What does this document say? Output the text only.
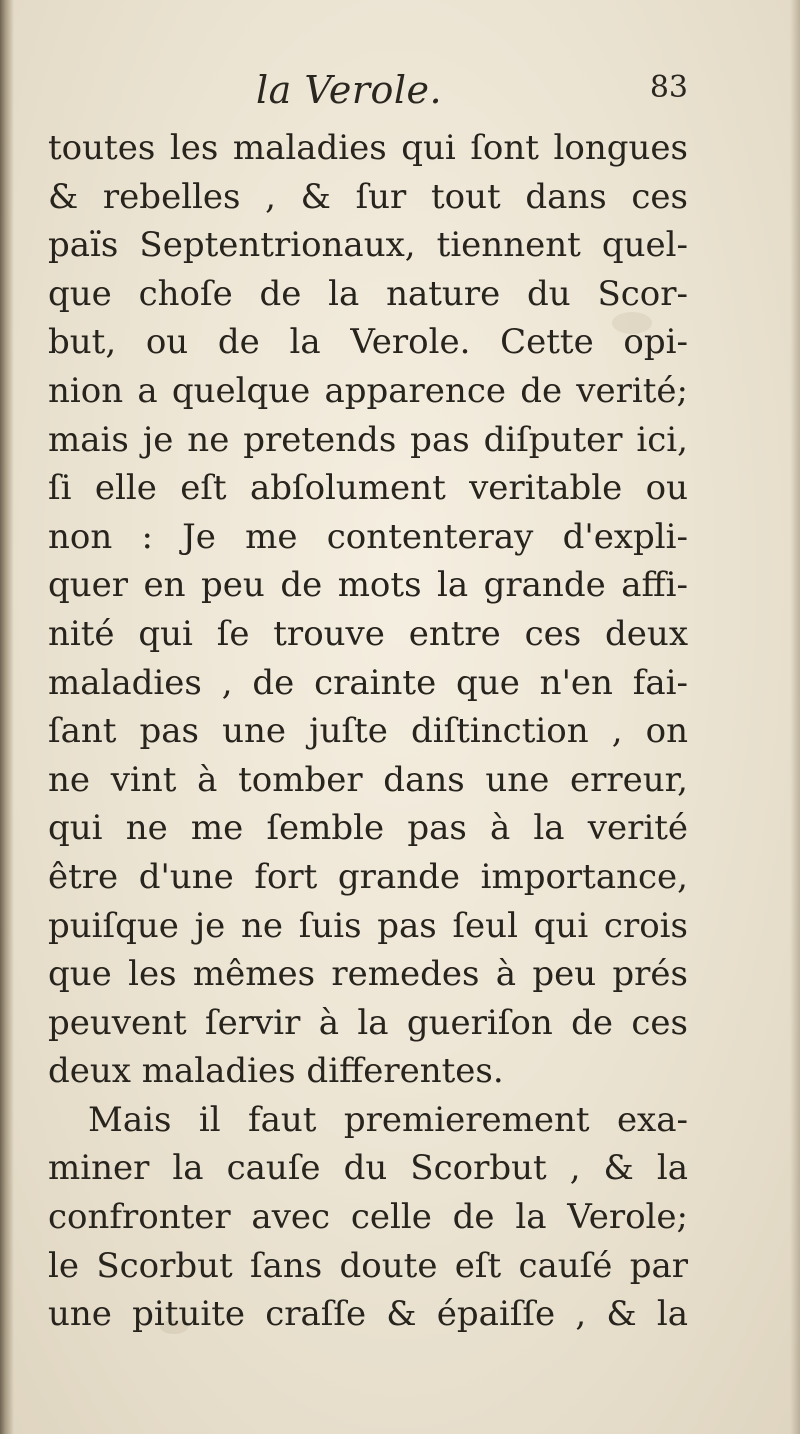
la Verole.	83
toutes les maladies qui ſont longues
& rebelles , & ſur tout dans ces
païs Septentrionaux, tiennent quel-
que choſe de la nature du Scor-
but, ou de la Verole. Cette opi-
nion a quelque apparence de verité;
mais je ne pretends pas diſputer ici,
ſi elle eſt abſolument veritable ou
non : Je me contenteray d'expli-
quer en peu de mots la grande affi-
nité qui ſe trouve entre ces deux
maladies , de crainte que n'en fai-
ſant pas une juſte diſtinction , on
ne vint à tomber dans une erreur,
qui ne me ſemble pas à la verité
être d'une fort grande importance,
puiſque je ne ſuis pas ſeul qui crois
que les mêmes remedes à peu prés
peuvent ſervir à la gueriſon de ces
deux maladies differentes.
Mais il faut premierement exa-
miner la cauſe du Scorbut , & la
confronter avec celle de la Verole;
le Scorbut ſans doute eſt cauſé par
une pituite craſſe & épaiſſe , & la
